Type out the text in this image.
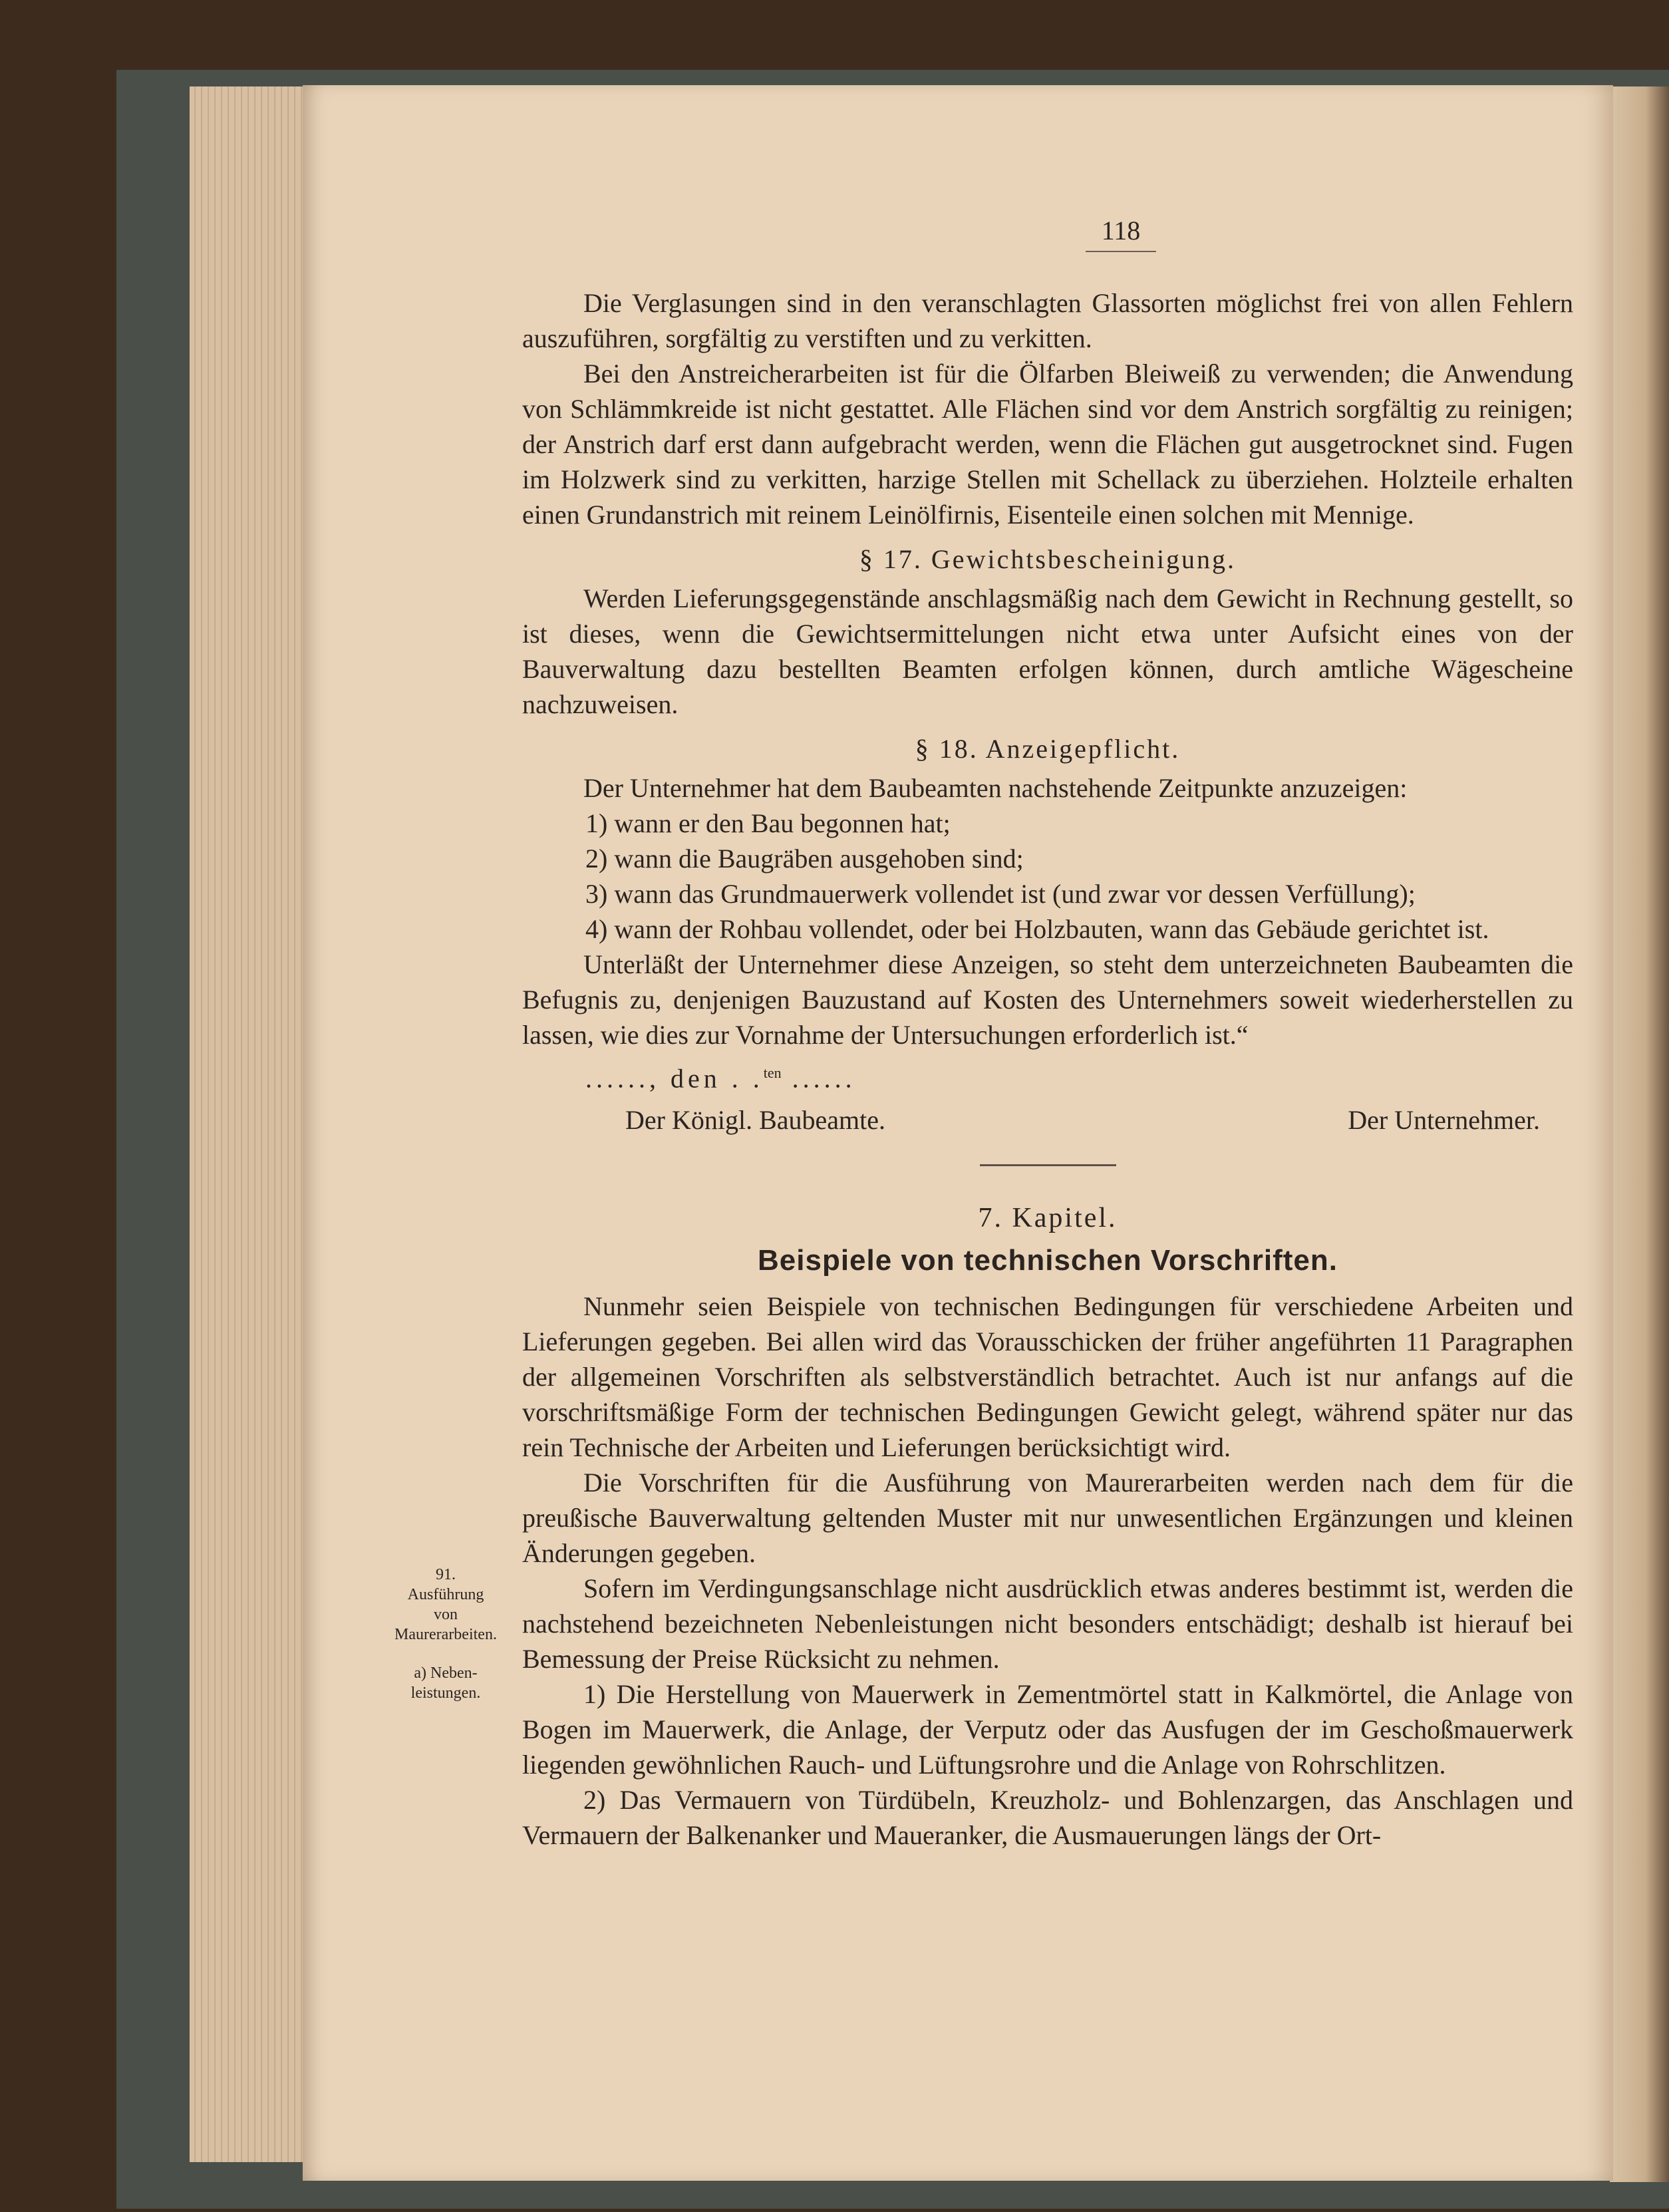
118

Die Verglasungen sind in den veranschlagten Glassorten möglichst frei von allen Fehlern auszuführen, sorgfältig zu verstiften und zu verkitten.

Bei den Anstreicherarbeiten ist für die Ölfarben Bleiweiß zu verwenden; die Anwendung von Schlämmkreide ist nicht gestattet. Alle Flächen sind vor dem Anstrich sorgfältig zu reinigen; der Anstrich darf erst dann aufgebracht werden, wenn die Flächen gut ausgetrocknet sind. Fugen im Holzwerk sind zu verkitten, harzige Stellen mit Schellack zu überziehen. Holzteile erhalten einen Grundanstrich mit reinem Leinölfirnis, Eisenteile einen solchen mit Mennige.

§ 17. Gewichtsbescheinigung.

Werden Lieferungsgegenstände anschlagsmäßig nach dem Gewicht in Rechnung gestellt, so ist dieses, wenn die Gewichtsermittelungen nicht etwa unter Aufsicht eines von der Bauverwaltung dazu bestellten Beamten erfolgen können, durch amtliche Wägescheine nachzuweisen.

§ 18. Anzeigepflicht.

Der Unternehmer hat dem Baubeamten nachstehende Zeitpunkte anzuzeigen:

1) wann er den Bau begonnen hat;
2) wann die Baugräben ausgehoben sind;
3) wann das Grundmauerwerk vollendet ist (und zwar vor dessen Verfüllung);
4) wann der Rohbau vollendet, oder bei Holzbauten, wann das Gebäude gerichtet ist.

Unterläßt der Unternehmer diese Anzeigen, so steht dem unterzeichneten Baubeamten die Befugnis zu, denjenigen Bauzustand auf Kosten des Unternehmers soweit wiederherstellen zu lassen, wie dies zur Vornahme der Untersuchungen erforderlich ist.“

......, den . .$^{ten}$ ......
Der Königl. Baubeamte.	Der Unternehmer.
7. Kapitel.
Beispiele von technischen Vorschriften.

Nunmehr seien Beispiele von technischen Bedingungen für verschiedene Arbeiten und Lieferungen gegeben. Bei allen wird das Vorausschicken der früher angeführten 11 Paragraphen der allgemeinen Vorschriften als selbstverständlich betrachtet. Auch ist nur anfangs auf die vorschriftsmäßige Form der technischen Bedingungen Gewicht gelegt, während später nur das rein Technische der Arbeiten und Lieferungen berücksichtigt wird.

Die Vorschriften für die Ausführung von Maurerarbeiten werden nach dem für die preußische Bauverwaltung geltenden Muster mit nur unwesentlichen Ergänzungen und kleinen Änderungen gegeben.

Sofern im Verdingungsanschlage nicht ausdrücklich etwas anderes bestimmt ist, werden die nachstehend bezeichneten Nebenleistungen nicht besonders entschädigt; deshalb ist hierauf bei Bemessung der Preise Rücksicht zu nehmen.

1) Die Herstellung von Mauerwerk in Zementmörtel statt in Kalkmörtel, die Anlage von Bogen im Mauerwerk, die Anlage, der Verputz oder das Ausfugen der im Geschoßmauerwerk liegenden gewöhnlichen Rauch- und Lüftungsrohre und die Anlage von Rohrschlitzen.

2) Das Vermauern von Türdübeln, Kreuzholz- und Bohlenzargen, das Anschlagen und Vermauern der Balkenanker und Maueranker, die Ausmauerungen längs der Ort-

91.
Ausführung
von
Maurerarbeiten.
a) Neben-
leistungen.
